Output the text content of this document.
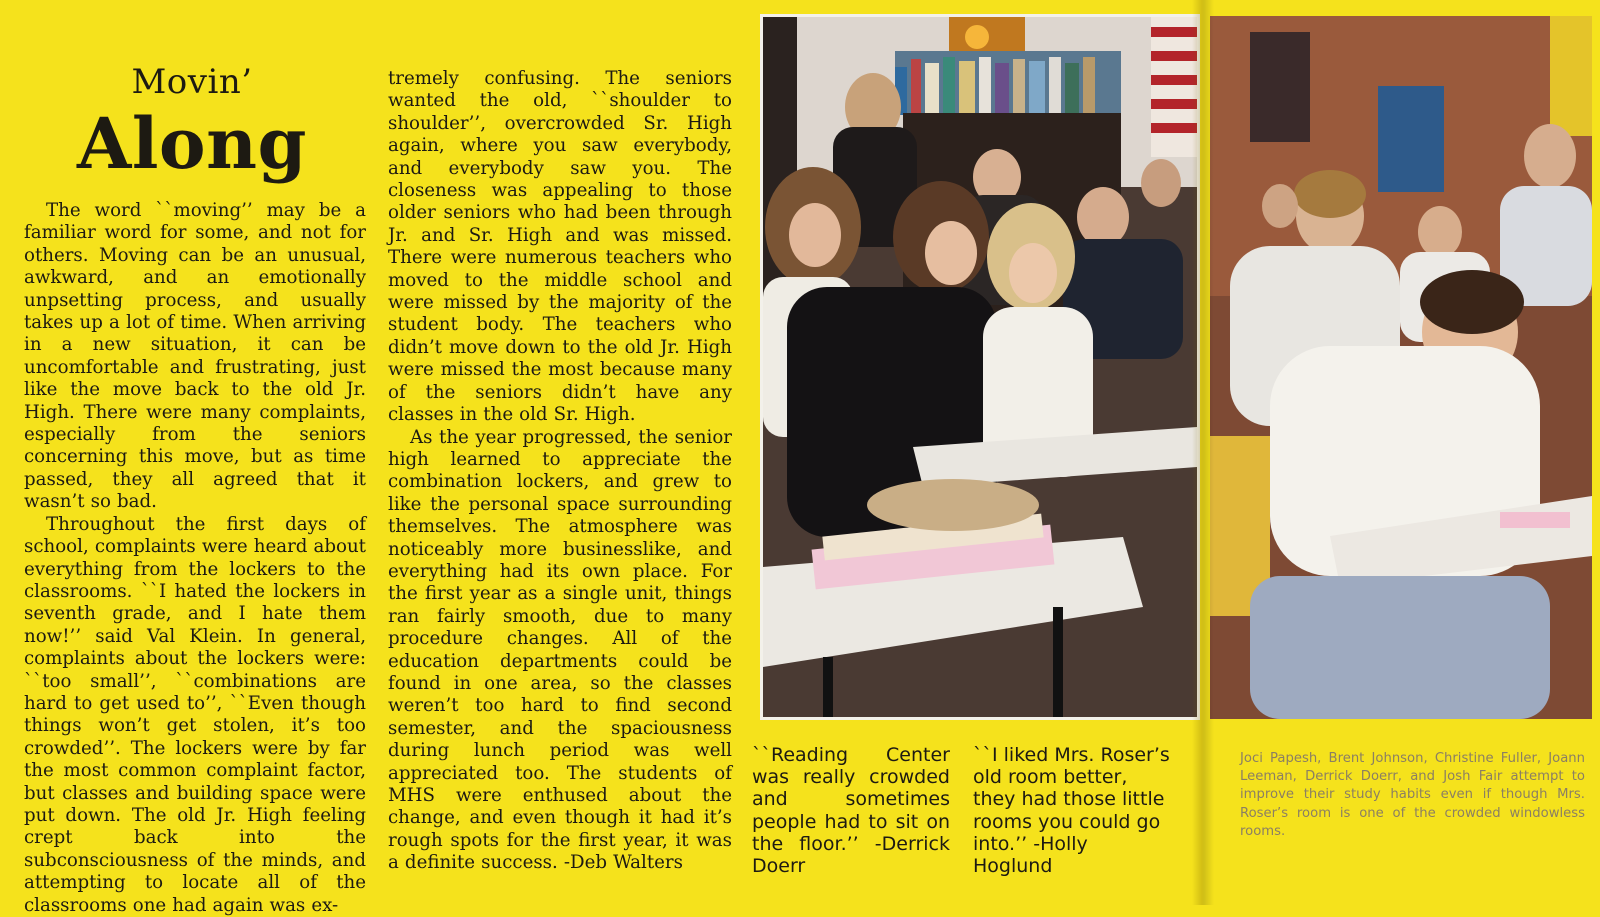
Movin’
Along

The word ``moving’’ may be a familiar word for some, and not for others. Moving can be an unusual, awkward, and an emotionally unpsetting process, and usually takes up a lot of time. When arriving in a new situation, it can be uncomfortable and frustrating, just like the move back to the old Jr. High. There were many complaints, especially from the seniors concerning this move, but as time passed, they all agreed that it wasn’t so bad.

Throughout the first days of school, complaints were heard about everything from the lockers to the classrooms. ``I hated the lockers in seventh grade, and I hate them now!’’ said Val Klein. In general, complaints about the lockers were: ``too small’’, ``combinations are hard to get used to’’, ``Even though things won’t get stolen, it’s too crowded’’. The lockers were by far the most common complaint factor, but classes and building space were put down. The old Jr. High feeling crept back into the subconsciousness of the minds, and attempting to locate all of the classrooms one had again was ex-

tremely confusing. The seniors wanted the old, ``shoulder to shoulder’’, overcrowded Sr. High again, where you saw everybody, and everybody saw you. The closeness was appealing to those older seniors who had been through Jr. and Sr. High and was missed. There were numerous teachers who moved to the middle school and were missed by the majority of the student body. The teachers who didn’t move down to the old Jr. High were missed the most because many of the seniors didn’t have any classes in the old Sr. High.

As the year progressed, the senior high learned to appreciate the combination lockers, and grew to like the personal space surrounding themselves. The atmosphere was noticeably more businesslike, and everything had its own place. For the first year as a single unit, things ran fairly smooth, due to many procedure changes. All of the education departments could be found in one area, so the classes weren’t too hard to find second semester, and the spaciousness during lunch period was well appreciated too. The students of MHS were enthused about the change, and even though it had it’s rough spots for the first year, it was a definite success. -Deb Walters

``Reading Center was really crowded and sometimes people had to sit on the floor.’’ -Derrick Doerr
``I liked Mrs. Roser’s old room better, they had those little rooms you could go into.’’ -Holly Hoglund
Joci Papesh, Brent Johnson, Christine Fuller, Joann Leeman, Derrick Doerr, and Josh Fair attempt to improve their study habits even if though Mrs. Roser’s room is one of the crowded windowless rooms.
